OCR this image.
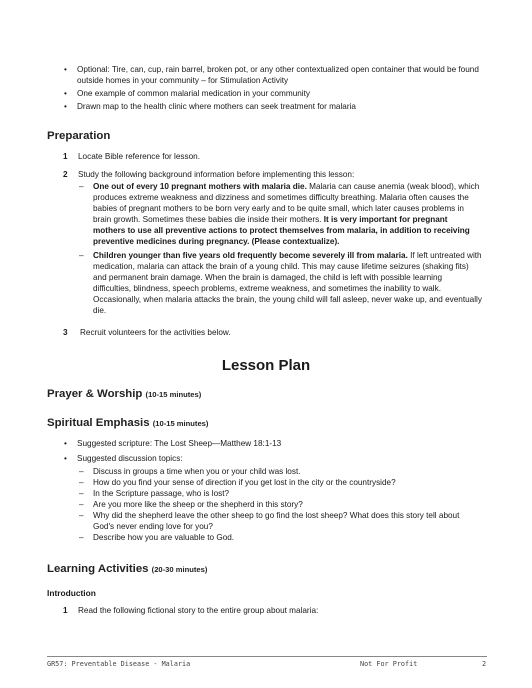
• Optional: Tire, can, cup, rain barrel, broken pot, or any other contextualized open container that would be found outside homes in your community – for Stimulation Activity
• One example of common malarial medication in your community
• Drawn map to the health clinic where mothers can seek treatment for malaria
Preparation
1 Locate Bible reference for lesson.
2 Study the following background information before implementing this lesson:
– One out of every 10 pregnant mothers with malaria die. Malaria can cause anemia (weak blood), which produces extreme weakness and dizziness and sometimes difficulty breathing. Malaria often causes the babies of pregnant mothers to be born very early and to be quite small, which later causes problems in brain growth. Sometimes these babies die inside their mothers. It is very important for pregnant mothers to use all preventive actions to protect themselves from malaria, in addition to receiving preventive medicines during pregnancy. (Please contextualize).
– Children younger than five years old frequently become severely ill from malaria. If left untreated with medication, malaria can attack the brain of a young child. This may cause lifetime seizures (shaking fits) and permanent brain damage. When the brain is damaged, the child is left with possible learning difficulties, blindness, speech problems, extreme weakness, and sometimes the inability to walk. Occasionally, when malaria attacks the brain, the young child will fall asleep, never wake up, and eventually die.
3 Recruit volunteers for the activities below.
Lesson Plan
Prayer & Worship (10-15 minutes)
Spiritual Emphasis (10-15 minutes)
• Suggested scripture: The Lost Sheep—Matthew 18:1-13
• Suggested discussion topics:
– Discuss in groups a time when you or your child was lost.
– How do you find your sense of direction if you get lost in the city or the countryside?
– In the Scripture passage, who is lost?
– Are you more like the sheep or the shepherd in this story?
– Why did the shepherd leave the other sheep to go find the lost sheep? What does this story tell about God's never ending love for you?
– Describe how you are valuable to God.
Learning Activities (20-30 minutes)
Introduction
1 Read the following fictional story to the entire group about malaria:
GR57: Preventable Disease - Malaria	Not For Profit	2
